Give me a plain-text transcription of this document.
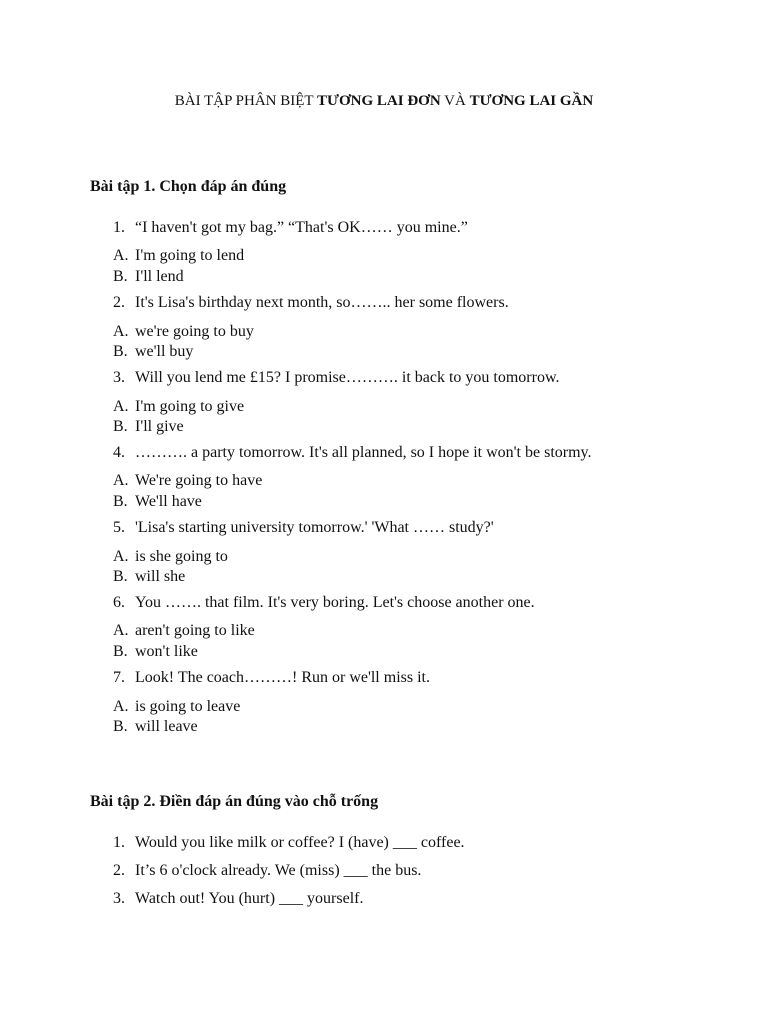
BÀI TẬP PHÂN BIỆT TƯƠNG LAI ĐƠN VÀ TƯƠNG LAI GẦN
Bài tập 1. Chọn đáp án đúng
1. “I haven't got my bag.” “That's OK…… you mine.”
A. I'm going to lend
B. I'll lend
2. It's Lisa's birthday next month, so…….. her some flowers.
A. we're going to buy
B. we'll buy
3. Will you lend me £15? I promise………. it back to you tomorrow.
A. I'm going to give
B. I'll give
4. ………. a party tomorrow. It's all planned, so I hope it won't be stormy.
A. We're going to have
B. We'll have
5. 'Lisa's starting university tomorrow.' 'What …… study?'
A. is she going to
B. will she
6. You ……. that film. It's very boring. Let's choose another one.
A. aren't going to like
B. won't like
7. Look! The coach………! Run or we'll miss it.
A. is going to leave
B. will leave
Bài tập 2. Điền đáp án đúng vào chỗ trống
1. Would you like milk or coffee? I (have) ___ coffee.
2. It’s 6 o'clock already. We (miss) ___ the bus.
3. Watch out! You (hurt) ___ yourself.
